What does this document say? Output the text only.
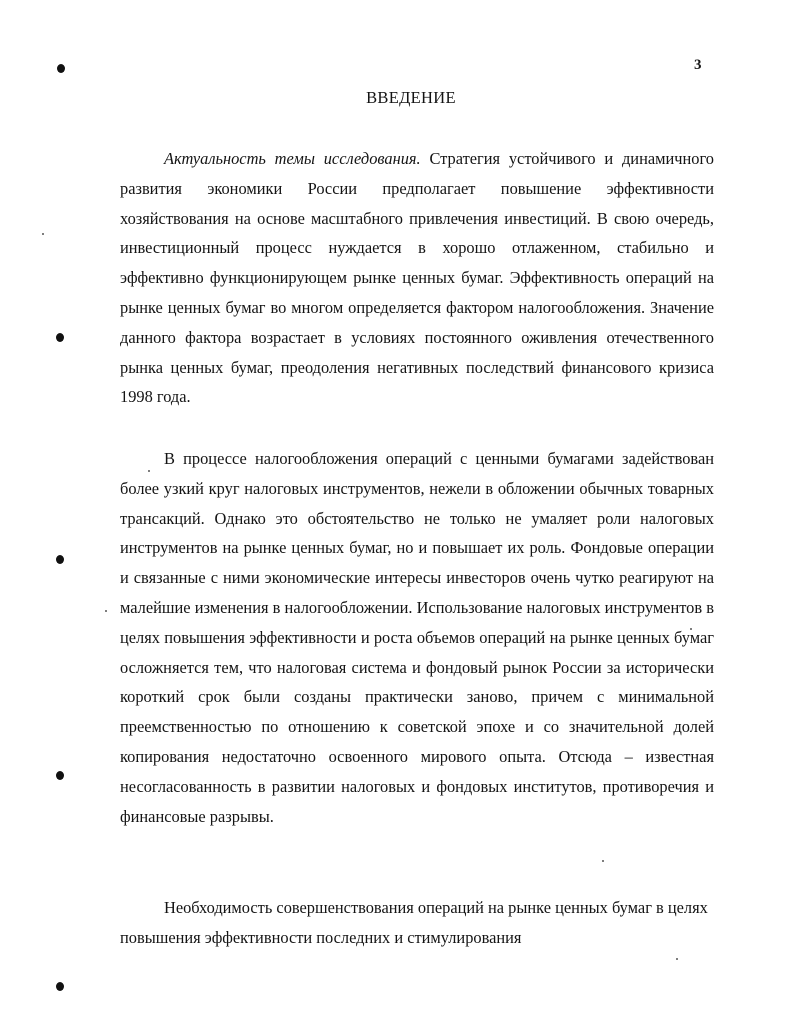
3
ВВЕДЕНИЕ

Актуальность темы исследования. Стратегия устойчивого и динамичного развития экономики России предполагает повышение эффективности хозяйствования на основе масштабного привлечения инвестиций. В свою очередь, инвестиционный процесс нуждается в хорошо отлаженном, стабильно и эффективно функционирующем рынке ценных бумаг. Эффективность операций на рынке ценных бумаг во многом определяется фактором налогообложения. Значение данного фактора возрастает в условиях постоянного оживления отечественного рынка ценных бумаг, преодоления негативных последствий финансового кризиса 1998 года.

В процессе налогообложения операций с ценными бумагами задействован более узкий круг налоговых инструментов, нежели в обложении обычных товарных трансакций. Однако это обстоятельство не только не умаляет роли налоговых инструментов на рынке ценных бумаг, но и повышает их роль. Фондовые операции и связанные с ними экономические интересы инвесторов очень чутко реагируют на малейшие изменения в налогообложении. Использование налоговых инструментов в целях повышения эффективности и роста объемов операций на рынке ценных бумаг осложняется тем, что налоговая система и фондовый рынок России за исторически короткий срок были созданы практически заново, причем с минимальной преемственностью по отношению к советской эпохе и со значительной долей копирования недостаточно освоенного мирового опыта. Отсюда – известная несогласованность в развитии налоговых и фондовых институтов, противоречия и финансовые разрывы.

Необходимость совершенствования операций на рынке ценных бумаг в целях повышения эффективности последних и стимулирования
